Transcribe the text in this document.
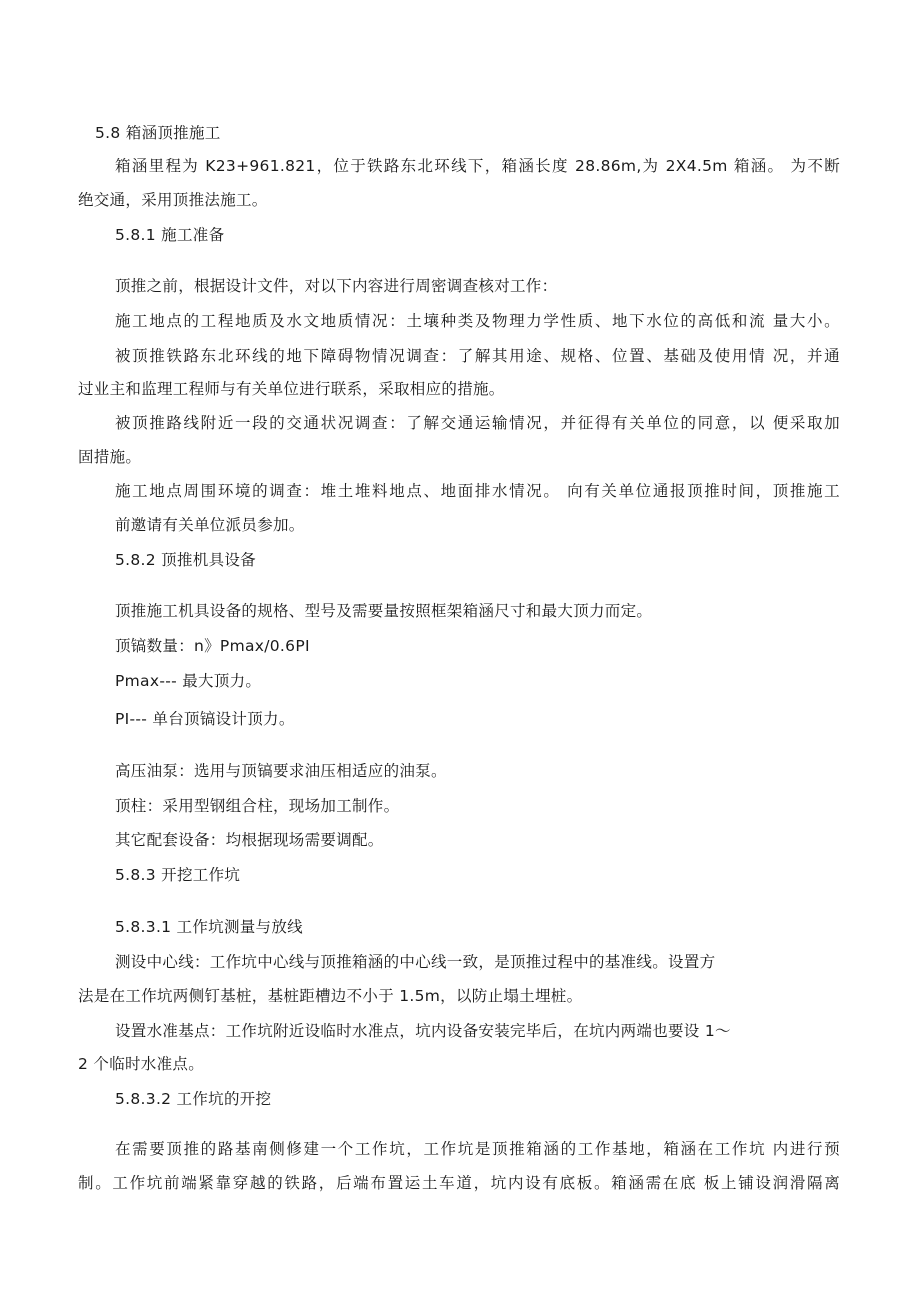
5.8 箱涵顶推施工
箱涵里程为 K23+961.821，位于铁路东北环线下，箱涵长度 28.86m,为 2X4.5m 箱涵。 为不断
绝交通，采用顶推法施工。
5.8.1 施工准备
顶推之前，根据设计文件，对以下内容进行周密调查核对工作：
施工地点的工程地质及水文地质情况：土壤种类及物理力学性质、地下水位的高低和流 量大小。
被顶推铁路东北环线的地下障碍物情况调查：了解其用途、规格、位置、基础及使用情 况，并通
过业主和监理工程师与有关单位进行联系，采取相应的措施。
被顶推路线附近一段的交通状况调查：了解交通运输情况，并征得有关单位的同意，以 便采取加
固措施。
施工地点周围环境的调查：堆土堆料地点、地面排水情况。 向有关单位通报顶推时间，顶推施工
前邀请有关单位派员参加。
5.8.2 顶推机具设备
顶推施工机具设备的规格、型号及需要量按照框架箱涵尺寸和最大顶力而定。
顶镐数量：n》Pmax/0.6PI
Pmax--- 最大顶力。
PI--- 单台顶镐设计顶力。
高压油泵：选用与顶镐要求油压相适应的油泵。
顶柱：采用型钢组合柱，现场加工制作。
其它配套设备：均根据现场需要调配。
5.8.3 开挖工作坑
5.8.3.1 工作坑测量与放线
测设中心线：工作坑中心线与顶推箱涵的中心线一致，是顶推过程中的基准线。设置方
法是在工作坑两侧钉基桩，基桩距槽边不小于 1.5m，以防止塌土埋桩。
设置水准基点：工作坑附近设临时水准点，坑内设备安装完毕后，在坑内两端也要设 1～
2 个临时水准点。
5.8.3.2 工作坑的开挖
在需要顶推的路基南侧修建一个工作坑，工作坑是顶推箱涵的工作基地，箱涵在工作坑 内进行预
制。工作坑前端紧靠穿越的铁路，后端布置运土车道，坑内设有底板。箱涵需在底 板上铺设润滑隔离
